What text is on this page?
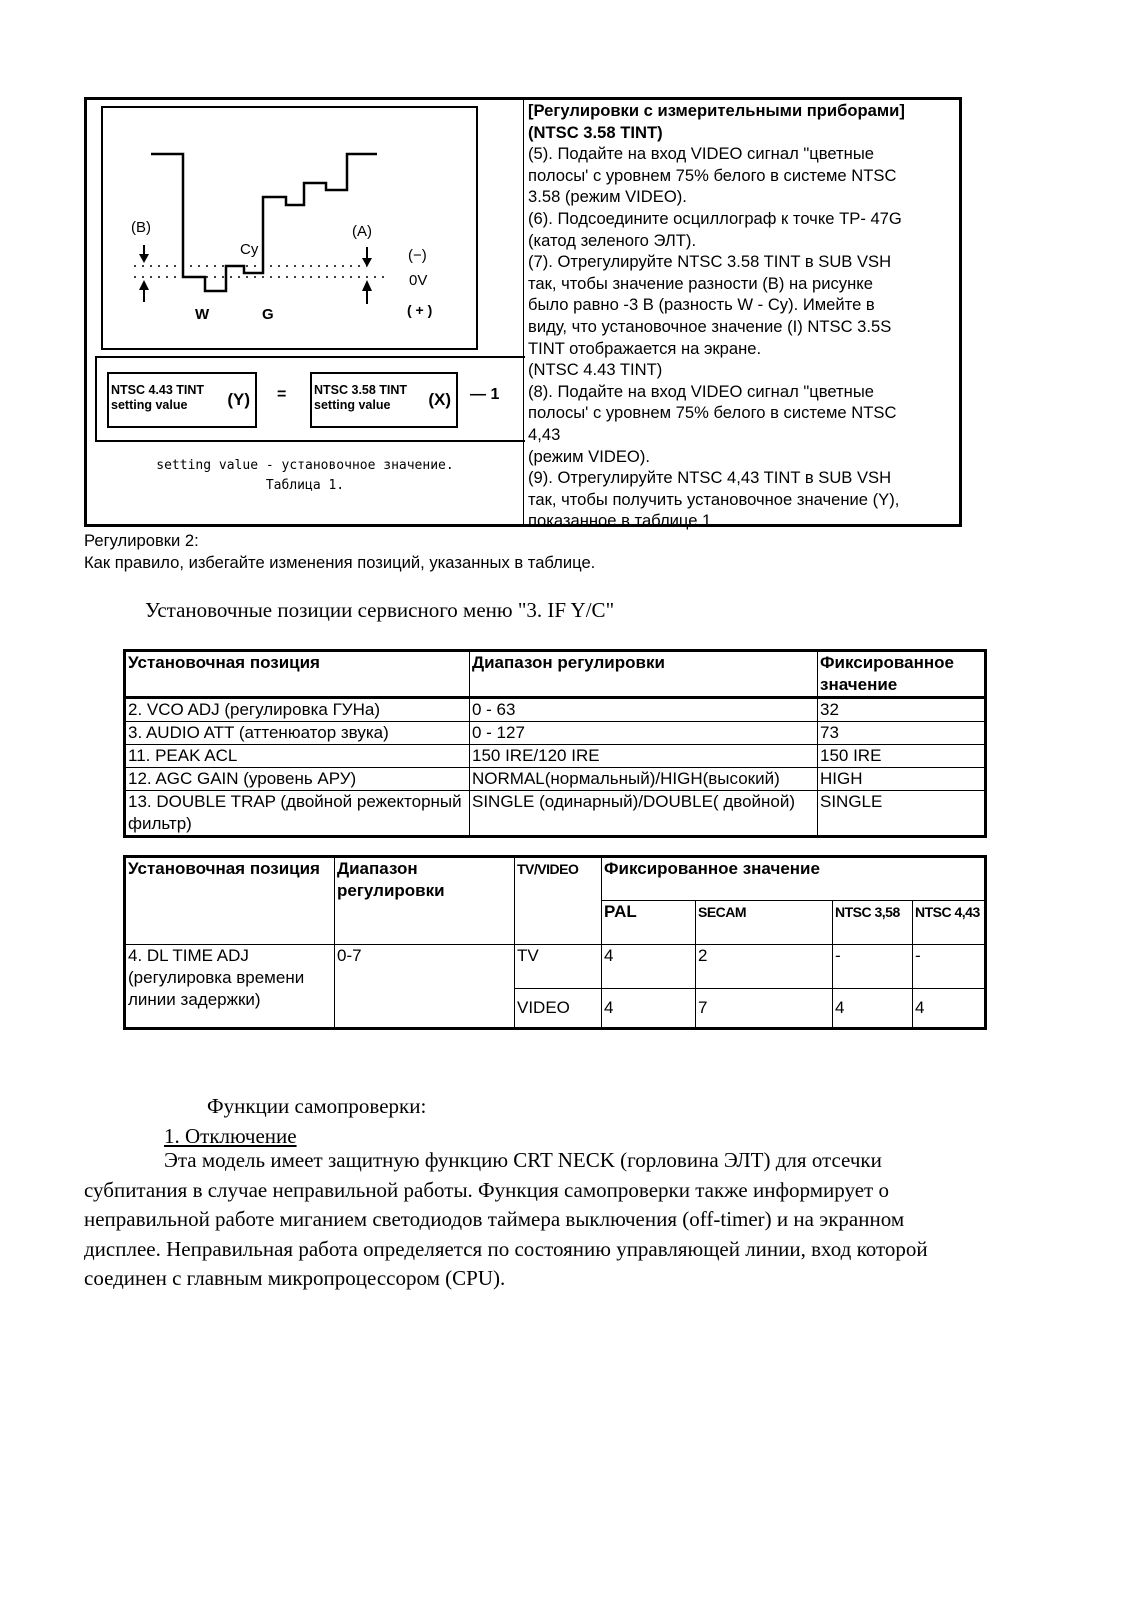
(B)	(A)
Cy
W	G
(−)
0V
( + )
NTSC 4.43 TINT
setting value	(Y) = NTSC 3.58 TINT
setting value	(X) — 1
setting value - установочное значение.
Таблица 1.
[Регулировки с измерительными приборами]
(NTSC 3.58 TINT)
(5). Подайте на вход VIDEO сигнал "цветные
полосы' с уровнем 75% белого в системе NTSC
3.58 (режим VIDEO).
(6). Подсоедините осциллограф к точке TP- 47G
(катод зеленого ЭЛТ).
(7). Отрегулируйте NTSC 3.58 TINT в SUB VSH
так, чтобы значение разности (B) на рисунке
было равно -3 В (разность W - Cy). Имейте в
виду, что установочное значение (I) NTSC 3.5S
TINT отображается на экране.
(NTSC 4.43 TINT)
(8). Подайте на вход VIDEO сигнал "цветные
полосы' с уровнем 75% белого в системе NTSC
4,43
(режим VIDEO).
(9). Отрегулируйте NTSC 4,43 TINT в SUB VSH
так, чтобы получить установочное значение (Y),
показанное в таблице 1.
Регулировки 2:
Как правило, избегайте изменения позиций, указанных в таблице.
Установочные позиции сервисного меню "3. IF Y/C"
Установочная позиция	Диапазон регулировки	Фиксированное значение
2. VCO ADJ (регулировка ГУНа)	0 - 63	32
3. AUDIO ATT (аттенюатор звука)	0 - 127	73
11. PEAK ACL	150 IRE/120 IRE	150 IRE
12. AGC GAIN (уровень АРУ)	NORMAL(нормальный)/HIGH(высокий)	HIGH
13. DOUBLE TRAP (двойной режекторный фильтр)	SINGLE (одинарный)/DOUBLE( двойной)	SINGLE
Установочная позиция	Диапазон регулировки	TV/VIDEO	Фиксированное значение			
			PAL	SECAM	NTSC 3,58	NTSC 4,43
4. DL TIME ADJ (регулировка времени линии задержки)	0-7	TV	4	2	-	-
		VIDEO	4	7	4	4
Функции самопроверки:
1. Отключение
Эта модель имеет защитную функцию CRT NECK (горловина ЭЛТ) для отсечки
субпитания в случае неправильной работы. Функция самопроверки также информирует о
неправильной работе миганием светодиодов таймера выключения (off-timer) и на экранном
дисплее. Неправильная работа определяется по состоянию управляющей линии, вход которой
соединен с главным микропроцессором (CPU).
